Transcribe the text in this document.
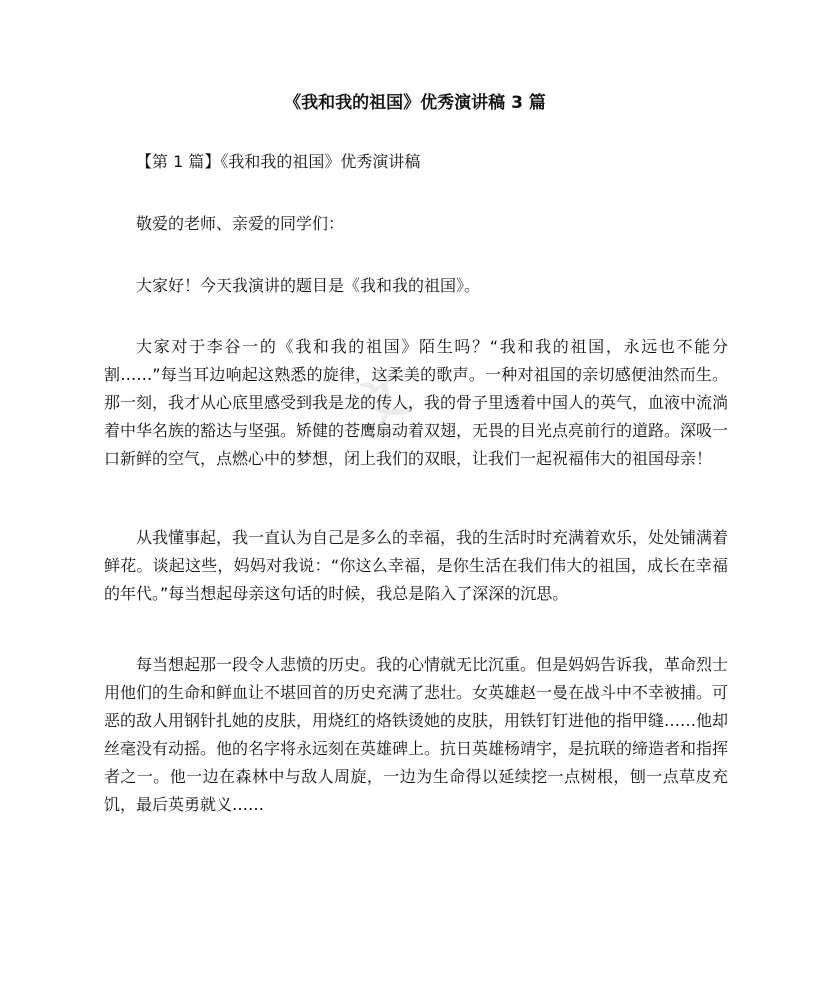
文
《我和我的祖国》优秀演讲稿 3 篇

【第 1 篇】《我和我的祖国》优秀演讲稿

敬爱的老师、亲爱的同学们：

大家好！今天我演讲的题目是《我和我的祖国》。

大家对于李谷一的《我和我的祖国》陌生吗？“我和我的祖国，永远也不能分割……”每当耳边响起这熟悉的旋律，这柔美的歌声。一种对祖国的亲切感便油然而生。那一刻，我才从心底里感受到我是龙的传人，我的骨子里透着中国人的英气，血液中流淌着中华名族的豁达与坚强。矫健的苍鹰扇动着双翅，无畏的目光点亮前行的道路。深吸一口新鲜的空气，点燃心中的梦想，闭上我们的双眼，让我们一起祝福伟大的祖国母亲！

从我懂事起，我一直认为自己是多么的幸福，我的生活时时充满着欢乐，处处铺满着鲜花。谈起这些，妈妈对我说：“你这么幸福，是你生活在我们伟大的祖国，成长在幸福的年代。”每当想起母亲这句话的时候，我总是陷入了深深的沉思。

每当想起那一段令人悲愤的历史。我的心情就无比沉重。但是妈妈告诉我，革命烈士用他们的生命和鲜血让不堪回首的历史充满了悲壮。女英雄赵一曼在战斗中不幸被捕。可恶的敌人用钢针扎她的皮肤，用烧红的烙铁烫她的皮肤，用铁钉钉进他的指甲缝……他却丝毫没有动摇。他的名字将永远刻在英雄碑上。抗日英雄杨靖宇，是抗联的缔造者和指挥者之一。他一边在森林中与敌人周旋，一边为生命得以延续挖一点树根，刨一点草皮充饥，最后英勇就义……
